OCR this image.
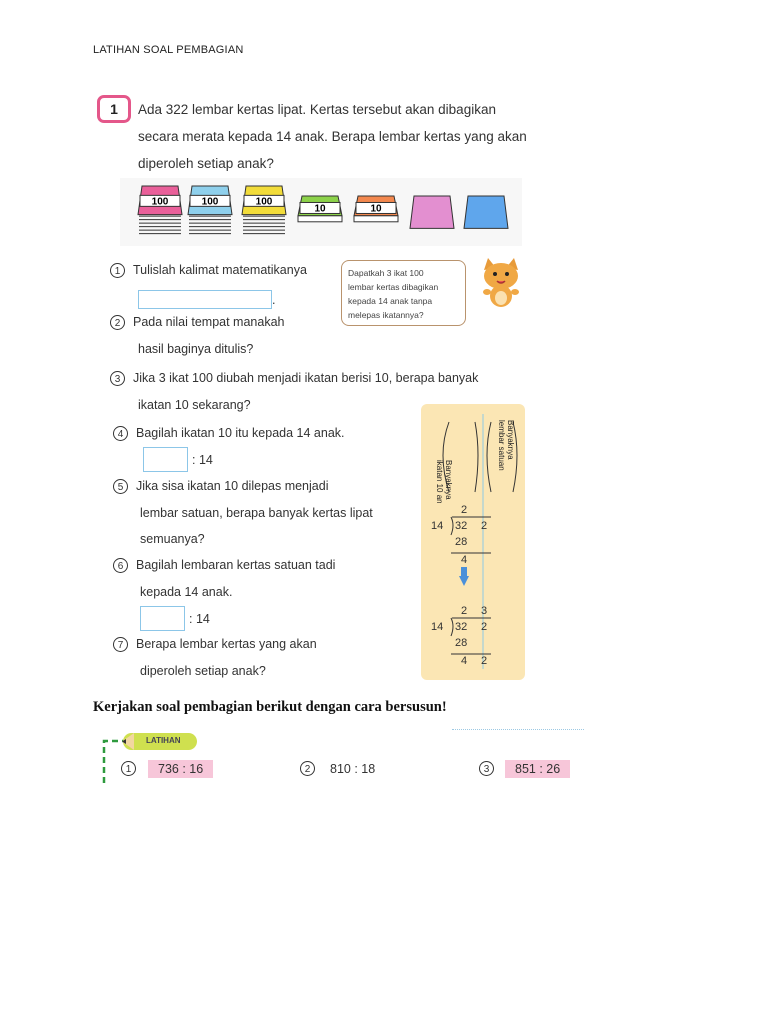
LATIHAN SOAL PEMBAGIAN
1 Ada 322 lembar kertas lipat. Kertas tersebut akan dibagikan
secara merata kepada 14 anak. Berapa lembar kertas yang akan
diperoleh setiap anak?
100	100	100
10	10
1 Tulislah kalimat matematikanya
.
2 Pada nilai tempat manakah
hasil baginya ditulis?
3 Jika 3 ikat 100 diubah menjadi ikatan berisi 10, berapa banyak
ikatan 10 sekarang?
4 Bagilah ikatan 10 itu kepada 14 anak.
: 14
5 Jika sisa ikatan 10 dilepas menjadi
lembar satuan, berapa banyak kertas lipat
semuanya?
6 Bagilah lembaran kertas satuan tadi
kepada 14 anak.
: 14
7 Berapa lembar kertas yang akan
diperoleh setiap anak?
Dapatkah 3 ikat 100
lembar kertas dibagikan
kepada 14 anak tanpa
melepas ikatannya?
Banyaknya
ikatan 10 an
Banyaknya
lembar satuan
2
14 32 2
28
4
2 3
14 32 2
28
4 2
Kerjakan soal pembagian berikut dengan cara bersusun!
LATIHAN
1	736 : 16	2	810 : 18	3	851 : 26
